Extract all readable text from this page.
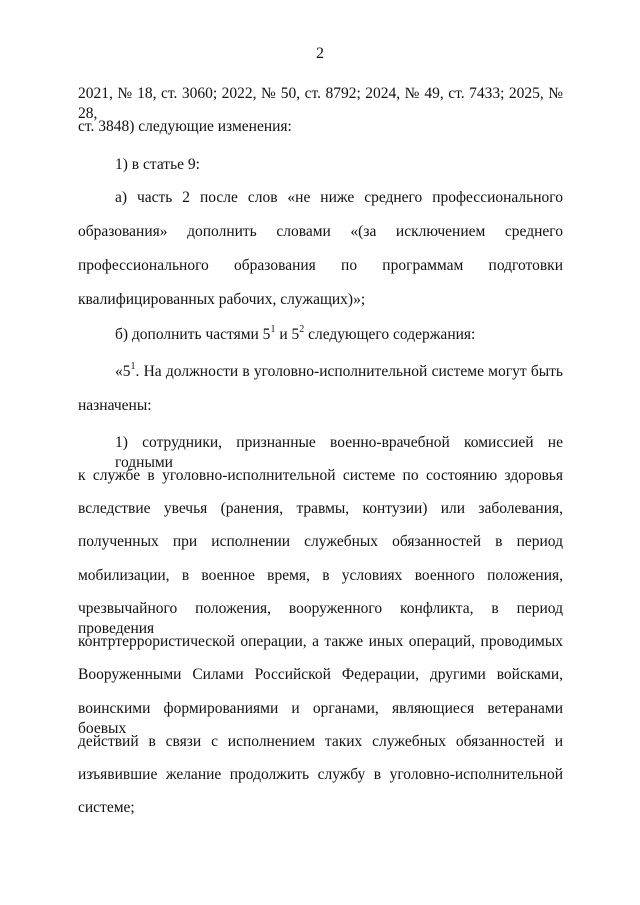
2
2021, № 18, ст. 3060; 2022, № 50, ст. 8792; 2024, № 49, ст. 7433; 2025, № 28,
ст. 3848) следующие изменения:
1) в статье 9:
а) часть 2 после слов «не ниже среднего профессионального
образования» дополнить словами «(за исключением среднего
профессионального образования по программам подготовки
квалифицированных рабочих, служащих)»;
б) дополнить частями $5^1$ и $5^2$ следующего содержания:
«$5^1$. На должности в уголовно-исполнительной системе могут быть
назначены:
1) сотрудники, признанные военно-врачебной комиссией не годными
к службе в уголовно-исполнительной системе по состоянию здоровья
вследствие увечья (ранения, травмы, контузии) или заболевания,
полученных при исполнении служебных обязанностей в период
мобилизации, в военное время, в условиях военного положения,
чрезвычайного положения, вооруженного конфликта, в период проведения
контртеррористической операции, а также иных операций, проводимых
Вооруженными Силами Российской Федерации, другими войсками,
воинскими формированиями и органами, являющиеся ветеранами боевых
действий в связи с исполнением таких служебных обязанностей и
изъявившие желание продолжить службу в уголовно-исполнительной
системе;
